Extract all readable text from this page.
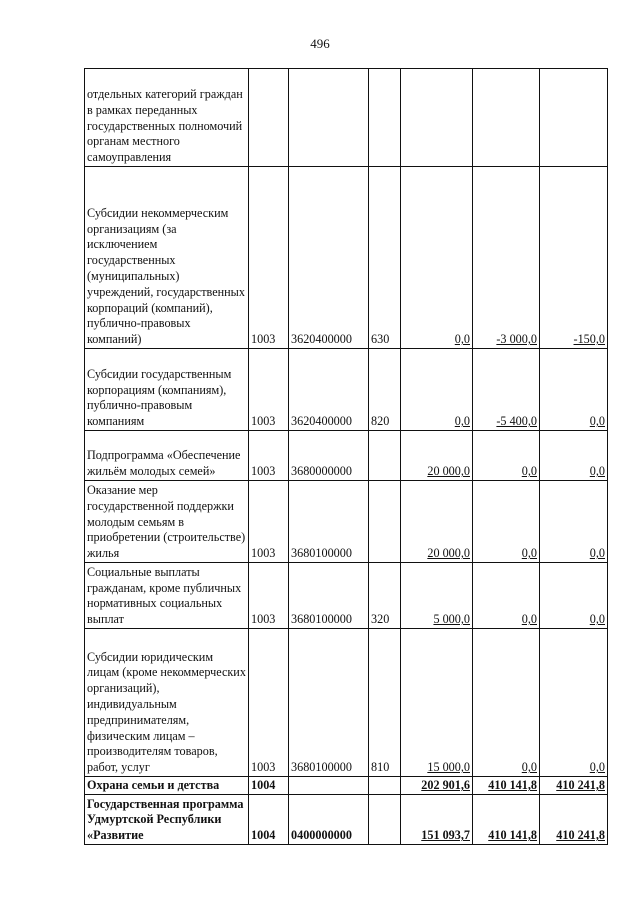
496
отдельных категорий граждан в рамках переданных государственных полномочий органам местного самоуправления						
Субсидии некоммерческим организациям (за исключением государственных (муниципальных) учреждений, государственных корпораций (компаний), публично-правовых компаний)	1003	3620400000	630	0,0	-3 000,0	-150,0
Субсидии государственным корпорациям (компаниям), публично-правовым компаниям	1003	3620400000	820	0,0	-5 400,0	0,0
Подпрограмма «Обеспечение жильём молодых семей»	1003	3680000000		20 000,0	0,0	0,0
Оказание мер государственной поддержки молодым семьям в приобретении (строительстве) жилья	1003	3680100000		20 000,0	0,0	0,0
Социальные выплаты гражданам, кроме публичных нормативных социальных выплат	1003	3680100000	320	5 000,0	0,0	0,0
Субсидии юридическим лицам (кроме некоммерческих организаций), индивидуальным предпринимателям, физическим лицам – производителям товаров, работ, услуг	1003	3680100000	810	15 000,0	0,0	0,0
Охрана семьи и детства	1004			202 901,6	410 141,8	410 241,8
Государственная программа Удмуртской Республики «Развитие	1004	0400000000		151 093,7	410 141,8	410 241,8
